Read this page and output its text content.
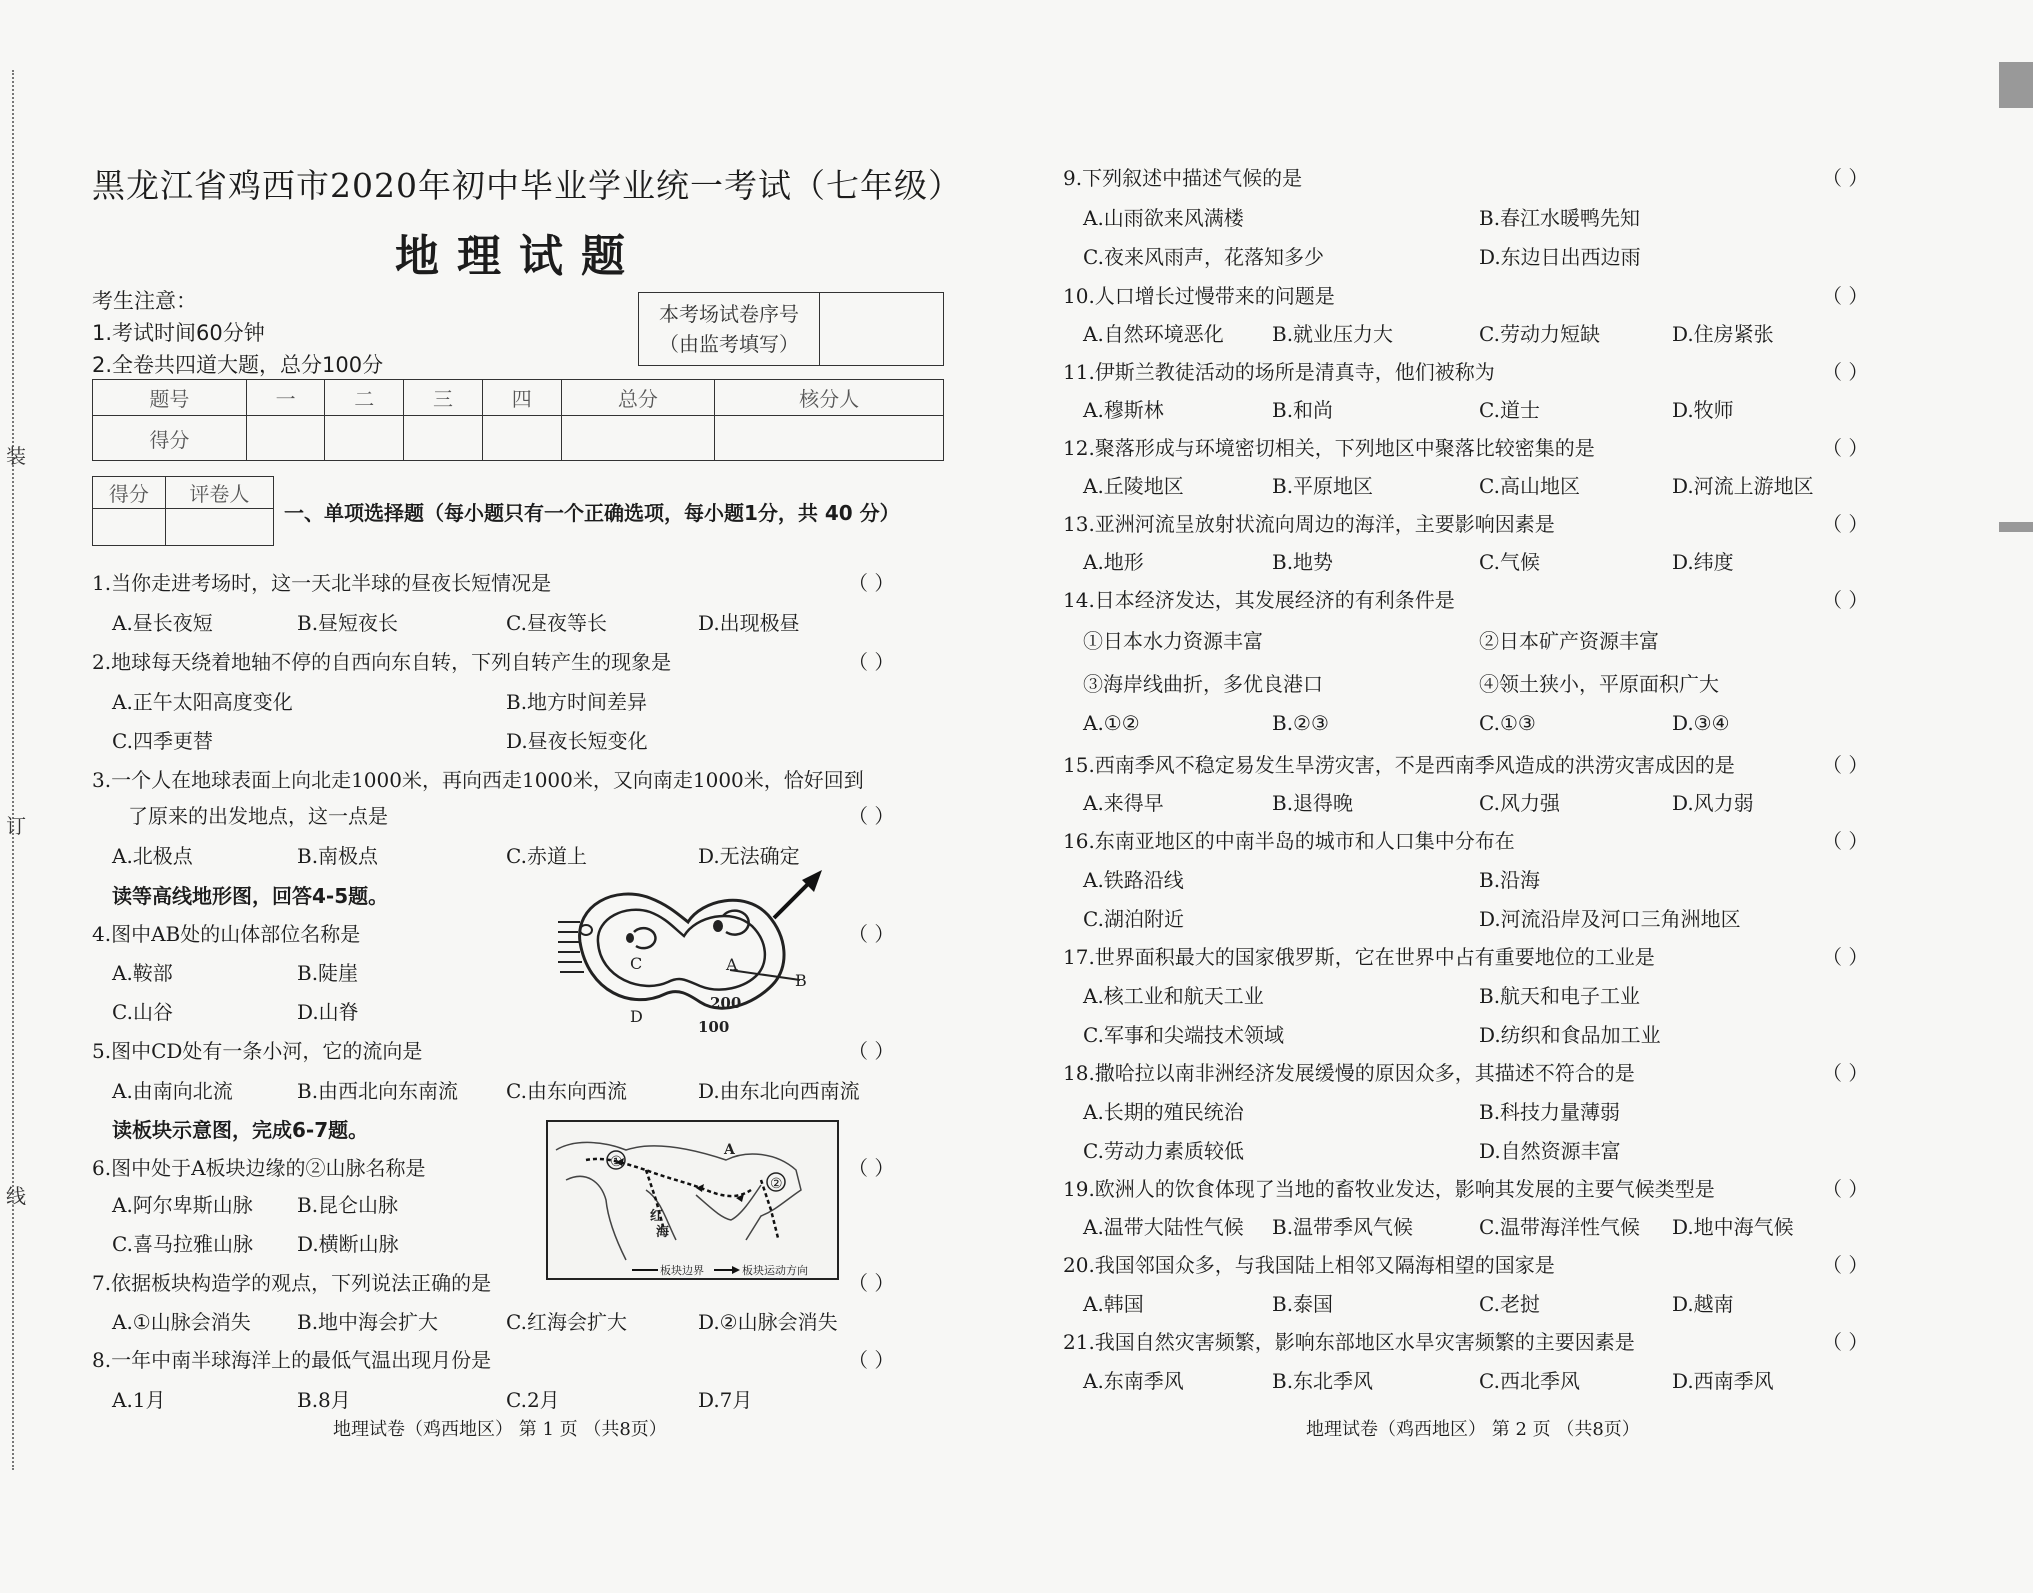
装
订
线
黑龙江省鸡西市2020年初中毕业学业统一考试（七年级）
地理试题
考生注意：
1.考试时间60分钟
2.全卷共四道大题，总分100分
本考场试卷序号
（由监考填写）

题号	一	二	三	四	总分	核分人
得分						
得分	评卷人

一、单项选择题（每小题只有一个正确选项，每小题1分，共 40 分）
1.当你走进考场时，这一天北半球的昼夜长短情况是	（ ）
A.昼长夜短	B.昼短夜长	C.昼夜等长	D.出现极昼
2.地球每天绕着地轴不停的自西向东自转，下列自转产生的现象是	（ ）
A.正午太阳高度变化	B.地方时间差异
C.四季更替	D.昼夜长短变化
3.一个人在地球表面上向北走1000米，再向西走1000米，又向南走1000米，恰好回到
了原来的出发地点，这一点是	（ ）
A.北极点	B.南极点	C.赤道上	D.无法确定
读等高线地形图，回答4-5题。
4.图中AB处的山体部位名称是	（ ）
A.鞍部	B.陡崖
C.山谷	D.山脊
C	A
B
D
200
100
5.图中CD处有一条小河，它的流向是	（ ）
A.由南向北流	B.由西北向东南流 C.由东向西流	D.由东北向西南流
读板块示意图，完成6-7题。
①
②
A
红
海
板块边界	板块运动方向
6.图中处于A板块边缘的②山脉名称是	（ ）
A.阿尔卑斯山脉 B.昆仑山脉
C.喜马拉雅山脉 D.横断山脉
7.依据板块构造学的观点，下列说法正确的是	（ ）
A.①山脉会消失 B.地中海会扩大	C.红海会扩大	D.②山脉会消失
8.一年中南半球海洋上的最低气温出现月份是	（ ）
A.1月	B.8月	C.2月	D.7月
地理试卷（鸡西地区） 第 1 页 （共8页）
9.下列叙述中描述气候的是	（ ）
A.山雨欲来风满楼	B.春江水暖鸭先知
C.夜来风雨声，花落知多少	D.东边日出西边雨
10.人口增长过慢带来的问题是	（ ）
A.自然环境恶化 B.就业压力大	C.劳动力短缺	D.住房紧张
11.伊斯兰教徒活动的场所是清真寺，他们被称为	（ ）
A.穆斯林	B.和尚	C.道士	D.牧师
12.聚落形成与环境密切相关，下列地区中聚落比较密集的是	（ ）
A.丘陵地区	B.平原地区	C.高山地区	D.河流上游地区
13.亚洲河流呈放射状流向周边的海洋，主要影响因素是	（ ）
A.地形	B.地势	C.气候	D.纬度
14.日本经济发达，其发展经济的有利条件是	（ ）
①日本水力资源丰富	②日本矿产资源丰富
③海岸线曲折，多优良港口	④领土狭小，平原面积广大
A.①②	B.②③	C.①③	D.③④
15.西南季风不稳定易发生旱涝灾害，不是西南季风造成的洪涝灾害成因的是	（ ）
A.来得早	B.退得晚	C.风力强	D.风力弱
16.东南亚地区的中南半岛的城市和人口集中分布在	（ ）
A.铁路沿线	B.沿海
C.湖泊附近	D.河流沿岸及河口三角洲地区
17.世界面积最大的国家俄罗斯，它在世界中占有重要地位的工业是	（ ）
A.核工业和航天工业	B.航天和电子工业
C.军事和尖端技术领域	D.纺织和食品加工业
18.撒哈拉以南非洲经济发展缓慢的原因众多，其描述不符合的是	（ ）
A.长期的殖民统治	B.科技力量薄弱
C.劳动力素质较低	D.自然资源丰富
19.欧洲人的饮食体现了当地的畜牧业发达，影响其发展的主要气候类型是	（ ）
A.温带大陆性气候 B.温带季风气候	C.温带海洋性气候 D.地中海气候
20.我国邻国众多，与我国陆上相邻又隔海相望的国家是	（ ）
A.韩国	B.泰国	C.老挝	D.越南
21.我国自然灾害频繁，影响东部地区水旱灾害频繁的主要因素是	（ ）
A.东南季风	B.东北季风	C.西北季风	D.西南季风
地理试卷（鸡西地区） 第 2 页 （共8页）
